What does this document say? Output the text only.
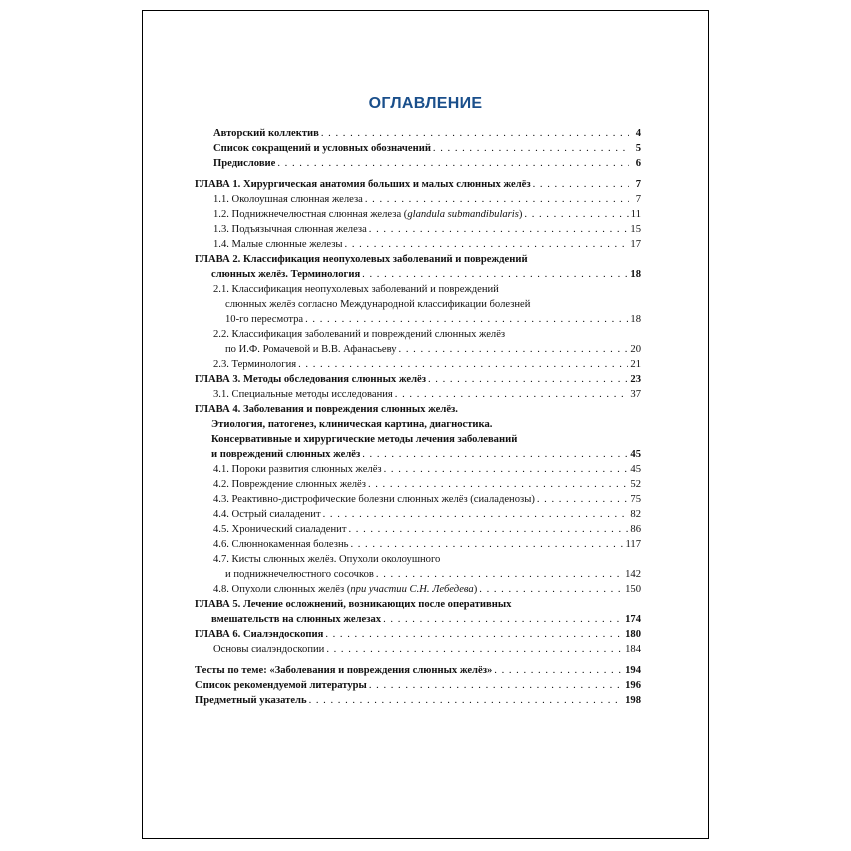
ОГЛАВЛЕНИЕ
Авторский коллектив . . .	4
Список сокращений и условных обозначений . . .	5
Предисловие . . .	6
ГЛАВА 1. Хирургическая анатомия больших и малых слюнных желёз . . .	7
1.1. Околоушная слюнная железа . . .	7
1.2. Поднижнечелюстная слюнная железа (glandula submandibularis) . . .	11
1.3. Подъязычная слюнная железа . . .	15
1.4. Малые слюнные железы . . .	17
ГЛАВА 2. Классификация неопухолевых заболеваний и повреждений
слюнных желёз. Терминология . . .	18
2.1. Классификация неопухолевых заболеваний и повреждений
слюнных желёз согласно Международной классификации болезней
10-го пересмотра . . .	18
2.2. Классификация заболеваний и повреждений слюнных желёз
по И.Ф. Ромачевой и В.В. Афанасьеву . . .	20
2.3. Терминология . . .	21
ГЛАВА 3. Методы обследования слюнных желёз . . .	23
3.1. Специальные методы исследования . . .	37
ГЛАВА 4. Заболевания и повреждения слюнных желёз.
Этиология, патогенез, клиническая картина, диагностика.
Консервативные и хирургические методы лечения заболеваний
и повреждений слюнных желёз . . .	45
4.1. Пороки развития слюнных желёз . . .	45
4.2. Повреждение слюнных желёз . . .	52
4.3. Реактивно-дистрофические болезни слюнных желёз (сиаладенозы) . . .	75
4.4. Острый сиаладенит . . .	82
4.5. Хронический сиаладенит . . .	86
4.6. Слюннокаменная болезнь . . .	117
4.7. Кисты слюнных желёз. Опухоли околоушного
и поднижнечелюстного сосочков . . .	142
4.8. Опухоли слюнных желёз (при участии С.Н. Лебедева) . . .	150
ГЛАВА 5. Лечение осложнений, возникающих после оперативных
вмешательств на слюнных железах . . .	174
ГЛАВА 6. Сиалэндоскопия . . .	180
Основы сиалэндоскопии . . .	184
Тесты по теме: «Заболевания и повреждения слюнных желёз» . . .	194
Список рекомендуемой литературы . . .	196
Предметный указатель . . .	198
